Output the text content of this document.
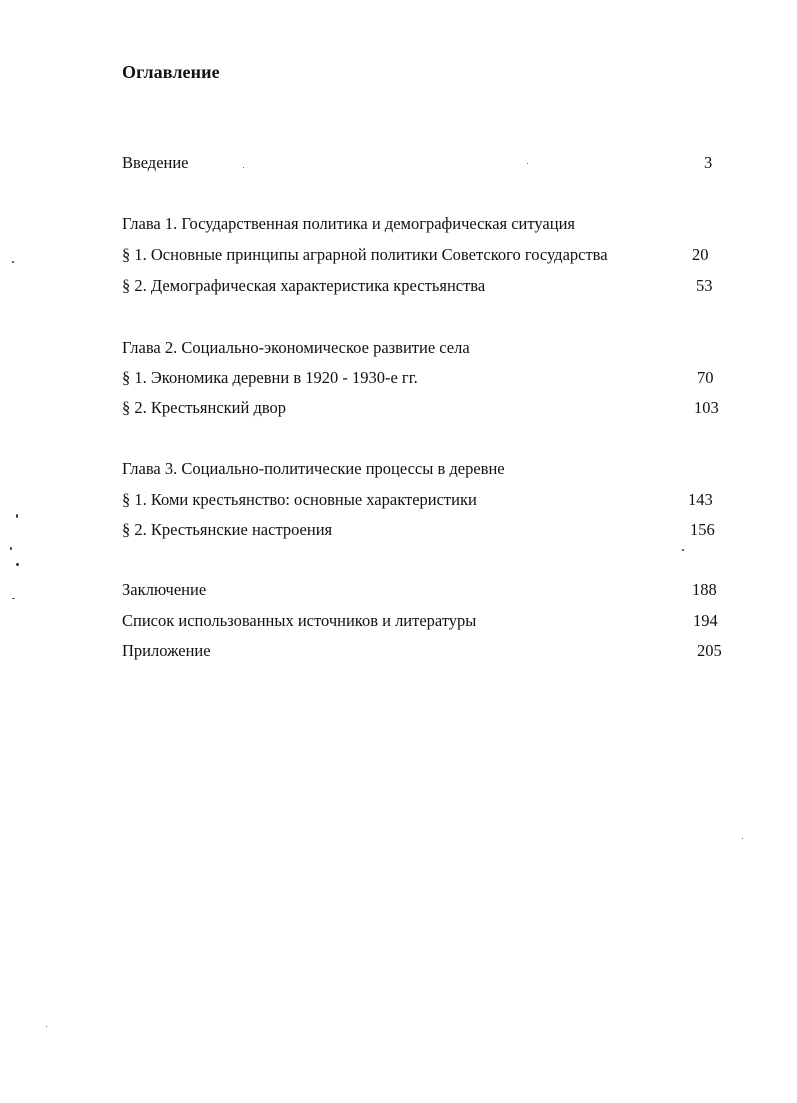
Оглавление
Введение	3
Глава 1. Государственная политика и демографическая ситуация
§ 1. Основные принципы аграрной политики Советского государства	20
§ 2. Демографическая характеристика крестьянства	53
Глава 2. Социально-экономическое развитие села
§ 1. Экономика деревни в 1920 - 1930-е гг.	70
§ 2. Крестьянский двор	103
Глава 3. Социально-политические процессы в деревне
§ 1. Коми крестьянство: основные характеристики	143
§ 2. Крестьянские настроения	156
Заключение	188
Список использованных источников и литературы	194
Приложение	205
